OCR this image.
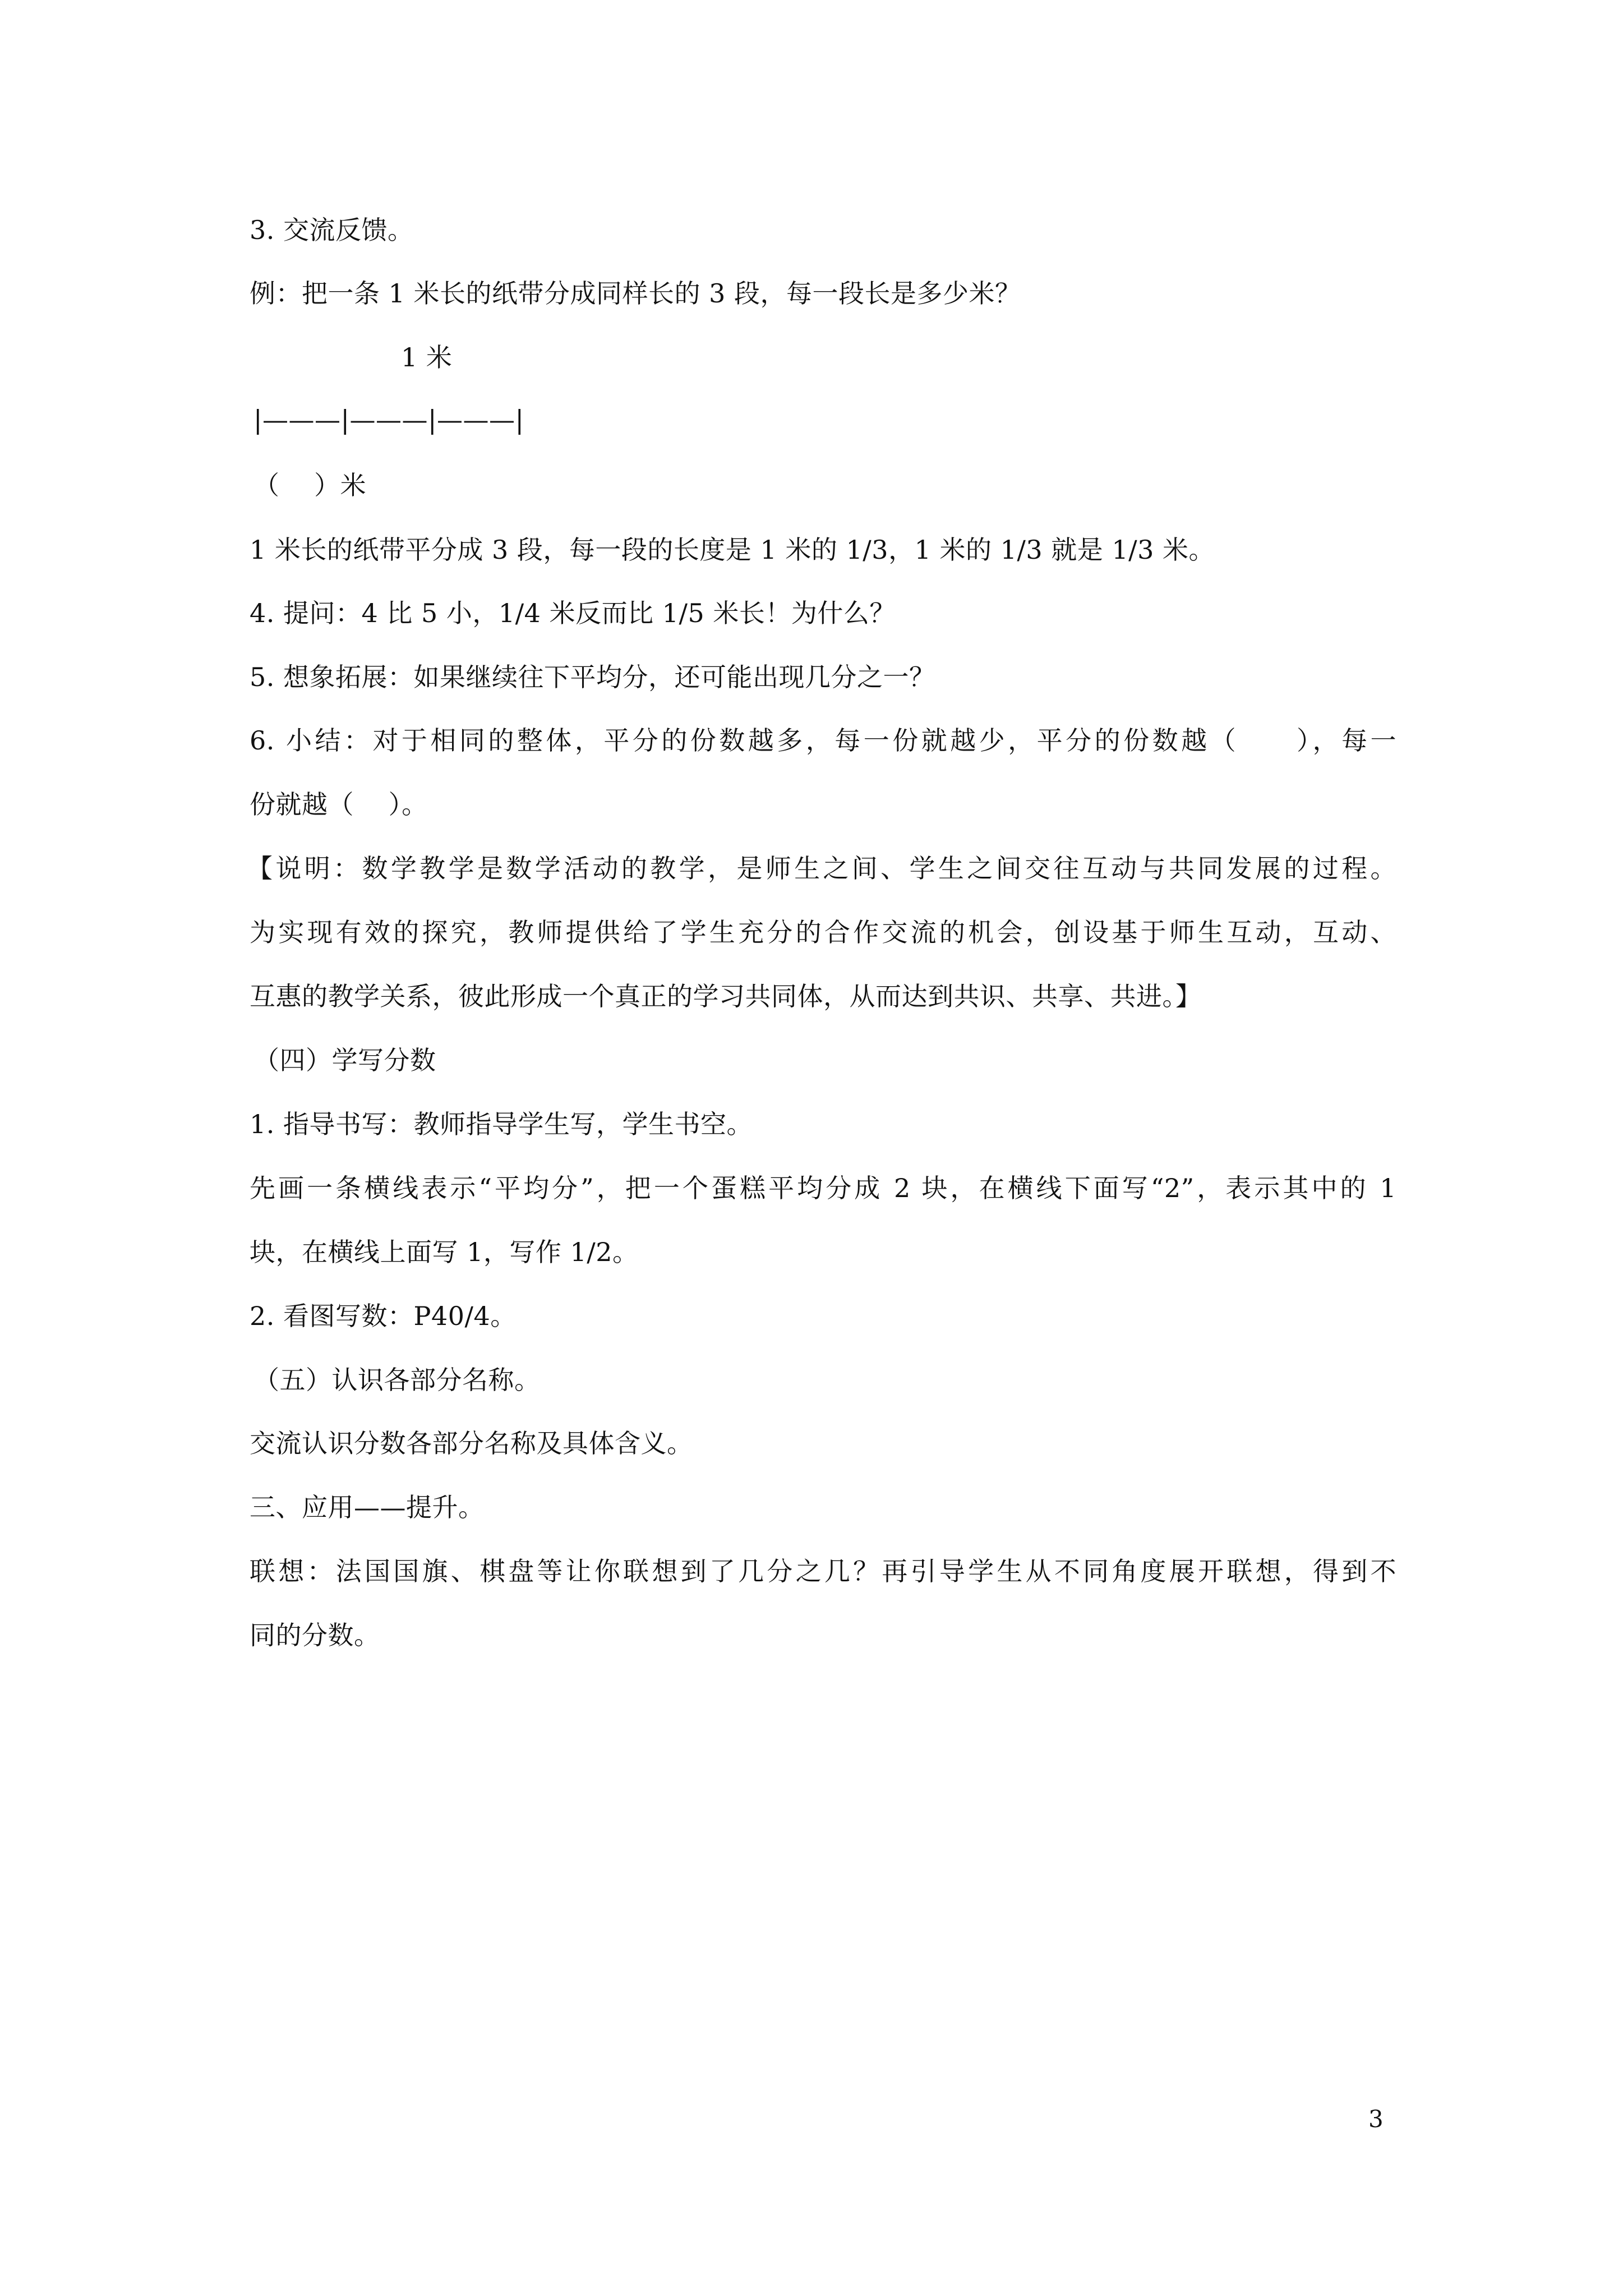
3. 交流反馈。
例：把一条 1 米长的纸带分成同样长的 3 段，每一段长是多少米？
1 米
|———|———|———|
（　 ）米
1 米长的纸带平分成 3 段，每一段的长度是 1 米的 1/3，1 米的 1/3 就是 1/3 米。
4. 提问：4 比 5 小，1/4 米反而比 1/5 米长！为什么？
5. 想象拓展：如果继续往下平均分，还可能出现几分之一？
6. 小结：对于相同的整体，平分的份数越多，每一份就越少，平分的份数越（　　），每一
份就越（　 ）。
【说明：数学教学是数学活动的教学，是师生之间、学生之间交往互动与共同发展的过程。
为实现有效的探究，教师提供给了学生充分的合作交流的机会，创设基于师生互动，互动、
互惠的教学关系，彼此形成一个真正的学习共同体，从而达到共识、共享、共进。】
（四）学写分数
1. 指导书写：教师指导学生写，学生书空。
先画一条横线表示“平均分”，把一个蛋糕平均分成 2 块，在横线下面写“2”，表示其中的 1
块，在横线上面写 1，写作 1/2。
2. 看图写数：P40/4。
（五）认识各部分名称。
交流认识分数各部分名称及具体含义。
三、应用——提升。
联想：法国国旗、棋盘等让你联想到了几分之几？再引导学生从不同角度展开联想，得到不
同的分数。
3
